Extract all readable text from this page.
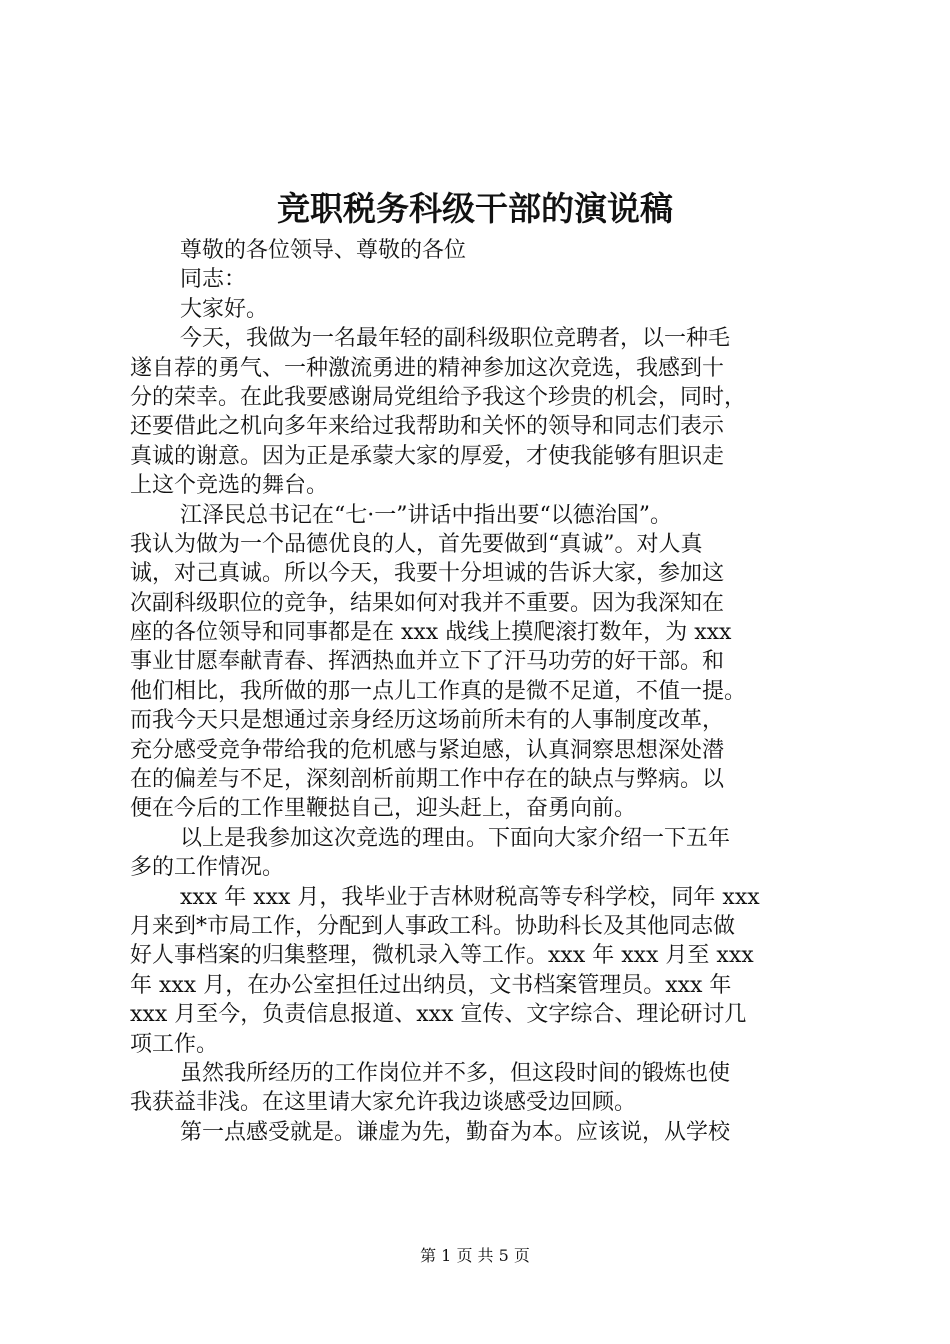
竞职税务科级干部的演说稿
尊敬的各位领导、尊敬的各位
同志：
大家好。
今天，我做为一名最年轻的副科级职位竞聘者，以一种毛
遂自荐的勇气、一种激流勇进的精神参加这次竞选，我感到十
分的荣幸。在此我要感谢局党组给予我这个珍贵的机会，同时，
还要借此之机向多年来给过我帮助和关怀的领导和同志们表示
真诚的谢意。因为正是承蒙大家的厚爱，才使我能够有胆识走
上这个竞选的舞台。
江泽民总书记在“七·一”讲话中指出要“以德治国”。
我认为做为一个品德优良的人，首先要做到“真诚”。对人真
诚，对己真诚。所以今天，我要十分坦诚的告诉大家，参加这
次副科级职位的竞争，结果如何对我并不重要。因为我深知在
座的各位领导和同事都是在 xxx 战线上摸爬滚打数年，为 xxx
事业甘愿奉献青春、挥洒热血并立下了汗马功劳的好干部。和
他们相比，我所做的那一点儿工作真的是微不足道，不值一提。
而我今天只是想通过亲身经历这场前所未有的人事制度改革，
充分感受竞争带给我的危机感与紧迫感，认真洞察思想深处潜
在的偏差与不足，深刻剖析前期工作中存在的缺点与弊病。以
便在今后的工作里鞭挞自己，迎头赶上，奋勇向前。
以上是我参加这次竞选的理由。下面向大家介绍一下五年
多的工作情况。
xxx 年 xxx 月，我毕业于吉林财税高等专科学校，同年 xxx
月来到*市局工作，分配到人事政工科。协助科长及其他同志做
好人事档案的归集整理，微机录入等工作。xxx 年 xxx 月至 xxx
年 xxx 月，在办公室担任过出纳员，文书档案管理员。xxx 年
xxx 月至今，负责信息报道、xxx 宣传、文字综合、理论研讨几
项工作。
虽然我所经历的工作岗位并不多，但这段时间的锻炼也使
我获益非浅。在这里请大家允许我边谈感受边回顾。
第一点感受就是。谦虚为先，勤奋为本。应该说，从学校
第 1 页 共 5 页
